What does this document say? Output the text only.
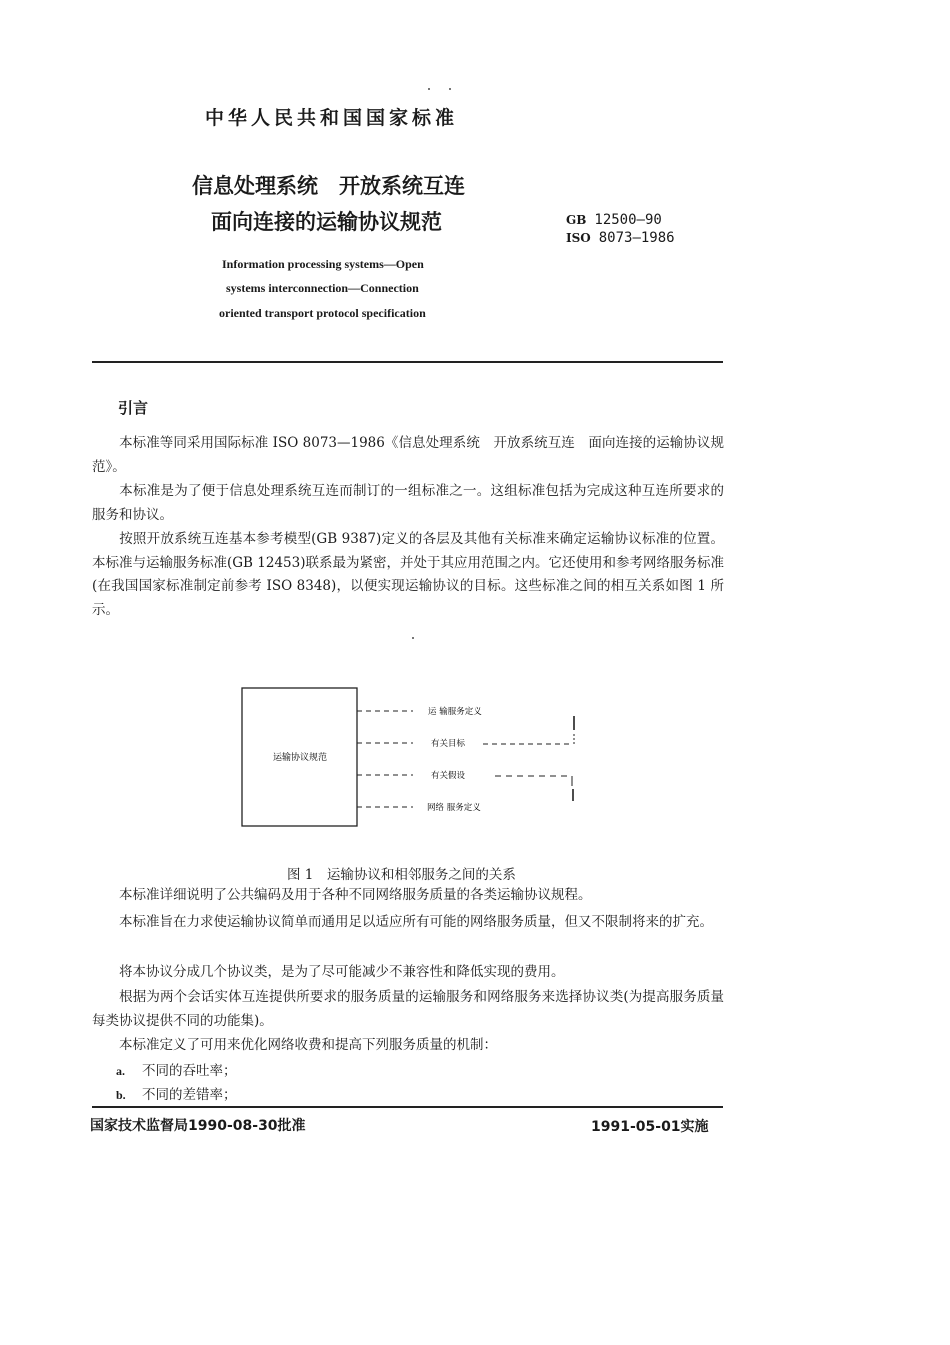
中华人民共和国国家标准
信息处理系统　开放系统互连
面向连接的运输协议规范	GB 12500—90
ISO 8073—1986
Information processing systems—Open
systems interconnection—Connection
oriented transport protocol specification
引言
本标准等同采用国际标准 ISO 8073—1986《信息处理系统　开放系统互连　面向连接的运输协议规范》。
本标准是为了便于信息处理系统互连而制订的一组标准之一。这组标准包括为完成这种互连所要求的服务和协议。
按照开放系统互连基本参考模型(GB 9387)定义的各层及其他有关标准来确定运输协议标准的位置。本标准与运输服务标准(GB 12453)联系最为紧密，并处于其应用范围之内。它还使用和参考网络服务标准(在我国国家标准制定前参考 ISO 8348)，以便实现运输协议的目标。这些标准之间的相互关系如图 1 所示。
运输协议规范
运 输服务定义
有关目标
有关假设
网络 服务定义
图 1　运输协议和相邻服务之间的关系
本标准详细说明了公共编码及用于各种不同网络服务质量的各类运输协议规程。
本标准旨在力求使运输协议简单而通用足以适应所有可能的网络服务质量，但又不限制将来的扩充。
将本协议分成几个协议类，是为了尽可能减少不兼容性和降低实现的费用。
根据为两个会话实体互连提供所要求的服务质量的运输服务和网络服务来选择协议类(为提高服务质量每类协议提供不同的功能集)。
本标准定义了可用来优化网络收费和提高下列服务质量的机制：
a. 不同的吞吐率；
b. 不同的差错率；
国家技术监督局1990-08-30批准	1991-05-01实施
